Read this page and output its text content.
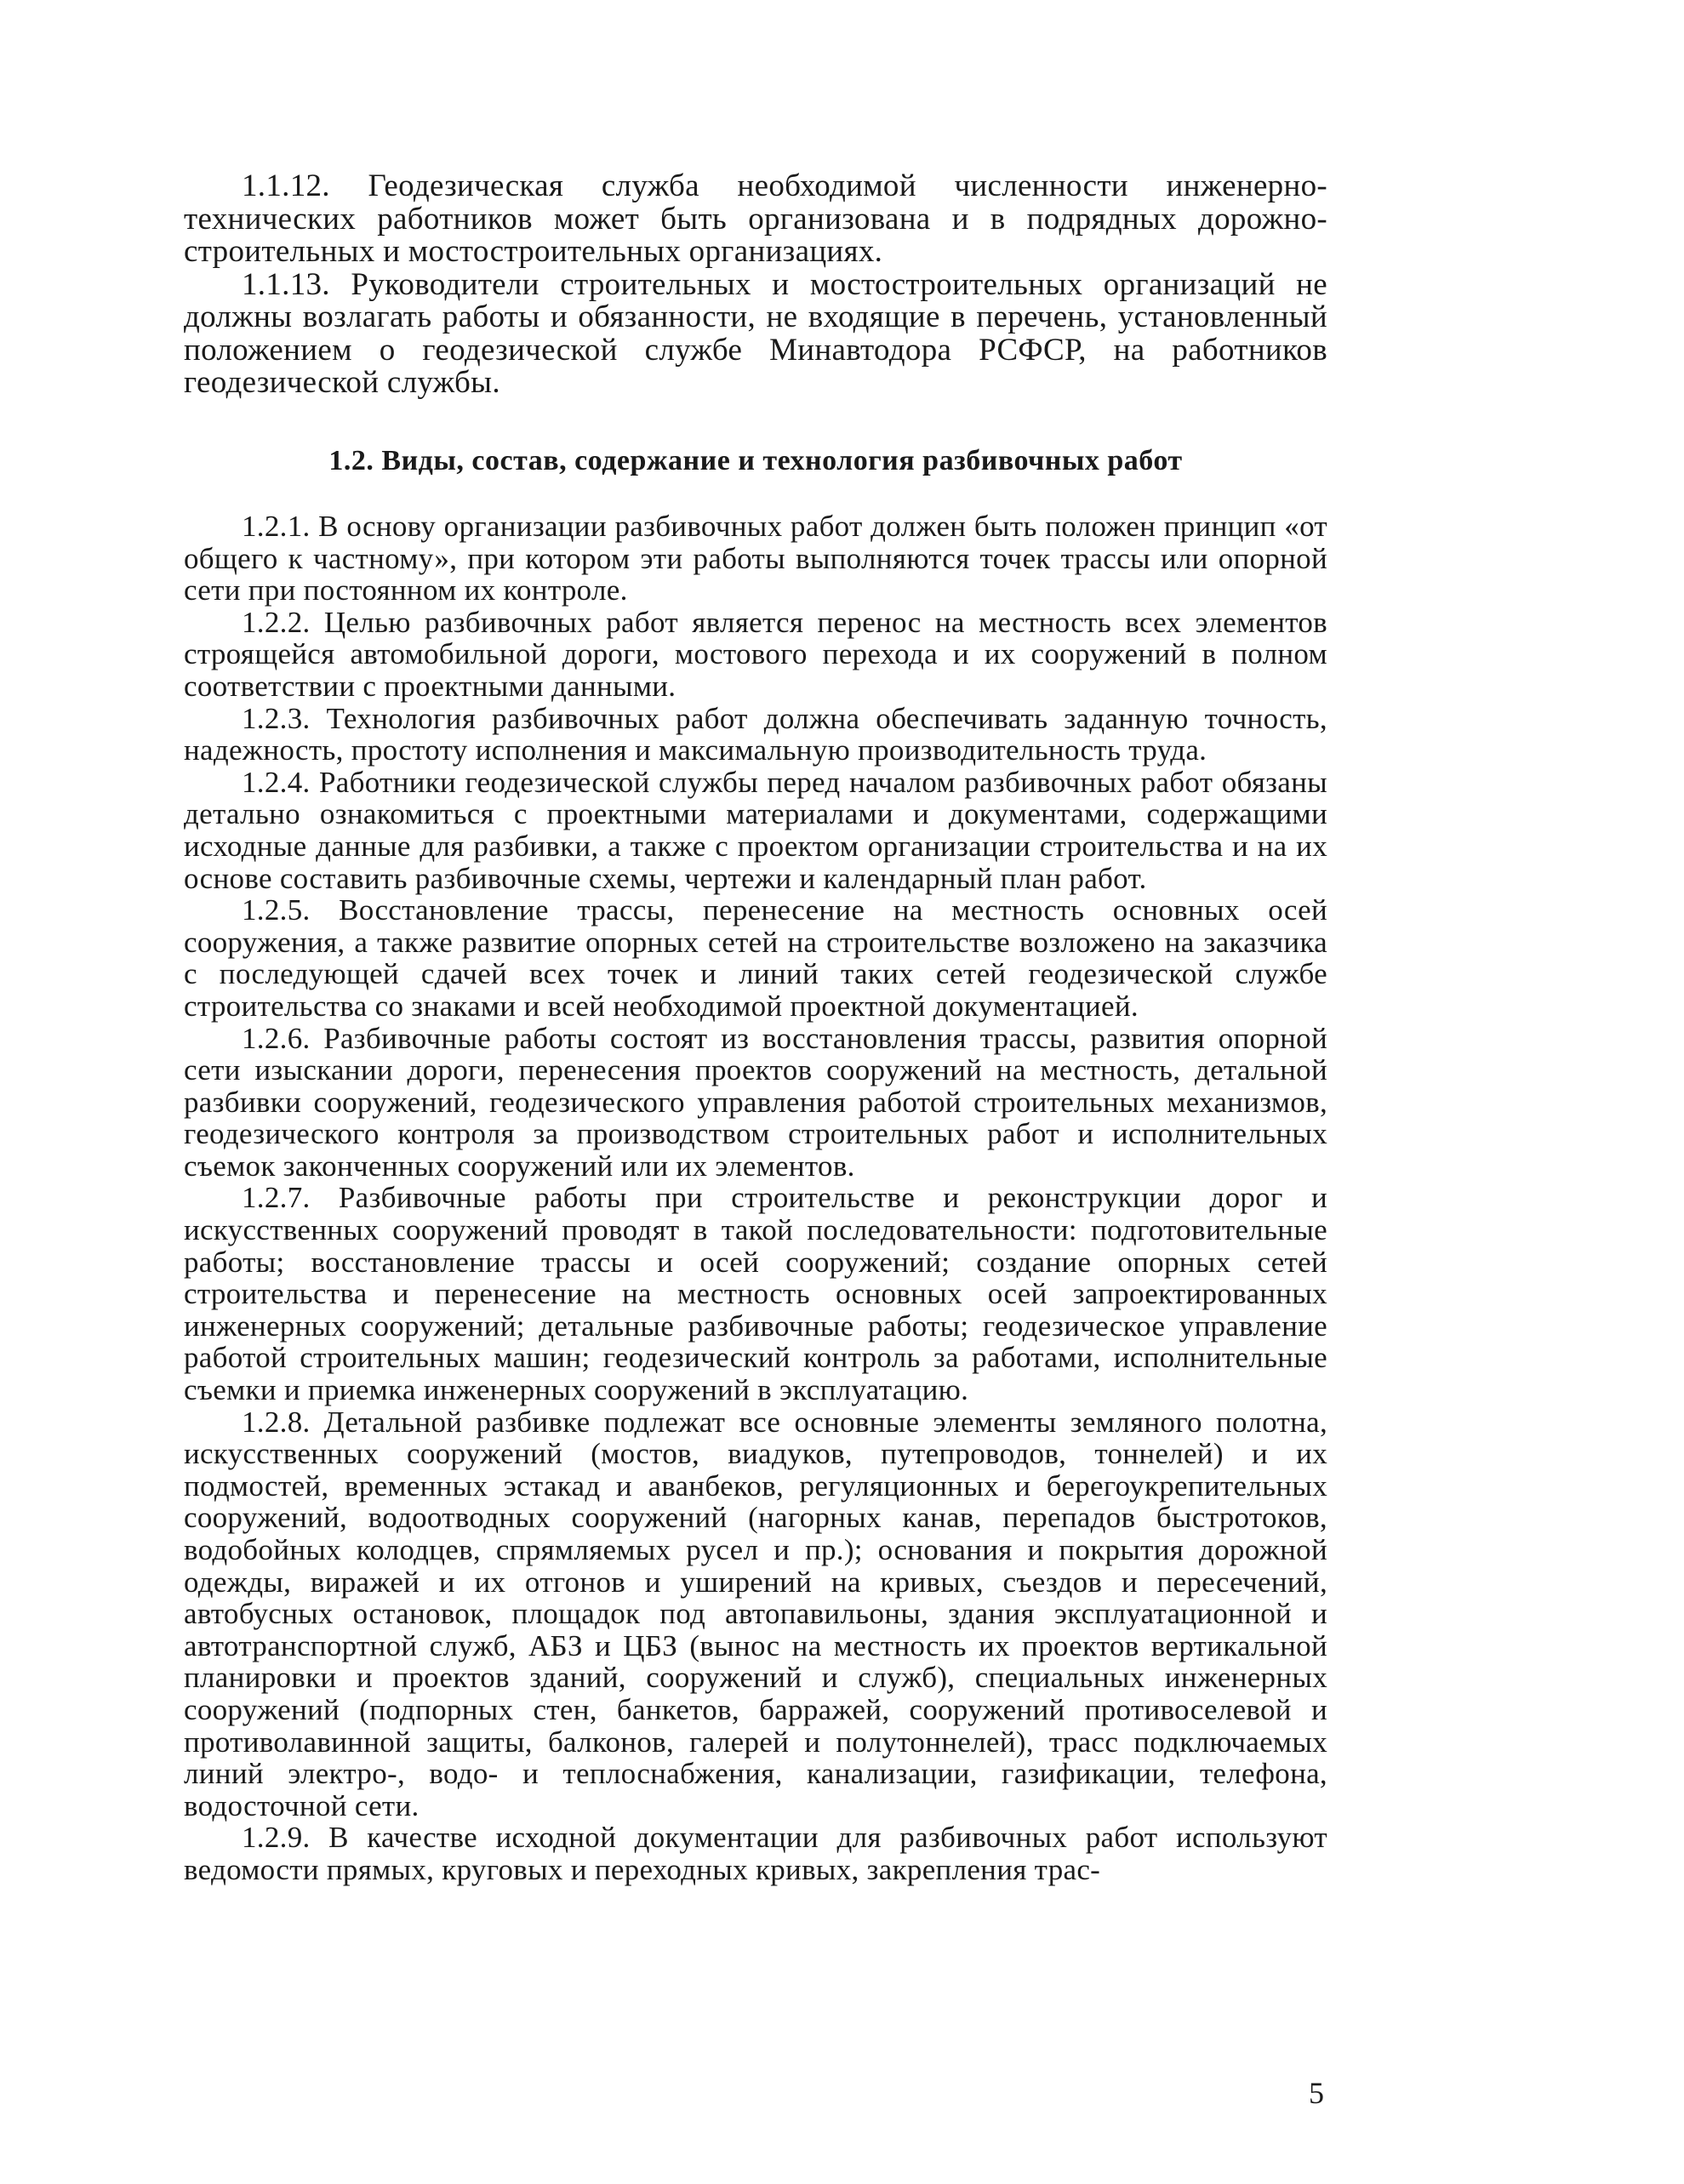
1.1.12. Геодезическая служба необходимой численности инженерно-технических работников может быть организована и в подрядных дорожно-строительных и мостостроительных организациях.

1.1.13. Руководители строительных и мостостроительных организаций не должны возлагать работы и обязанности, не входящие в перечень, установленный положением о геодезической службе Минавтодора РСФСР, на работников геодезической службы.

1.2. Виды, состав, содержание и технология разбивочных работ

1.2.1. В основу организации разбивочных работ должен быть положен принцип «от общего к частному», при котором эти работы выполняются точек трассы или опорной сети при постоянном их контроле.

1.2.2. Целью разбивочных работ является перенос на местность всех элементов строящейся автомобильной дороги, мостового перехода и их сооружений в полном соответствии с проектными данными.

1.2.3. Технология разбивочных работ должна обеспечивать заданную точность, надежность, простоту исполнения и максимальную производительность труда.

1.2.4. Работники геодезической службы перед началом разбивочных работ обязаны детально ознакомиться с проектными материалами и документами, содержащими исходные данные для разбивки, а также с проектом организации строительства и на их основе составить разбивочные схемы, чертежи и календарный план работ.

1.2.5. Восстановление трассы, перенесение на местность основных осей сооружения, а также развитие опорных сетей на строительстве возложено на заказчика с последующей сдачей всех точек и линий таких сетей геодезической службе строительства со знаками и всей необходимой проектной документацией.

1.2.6. Разбивочные работы состоят из восстановления трассы, развития опорной сети изыскании дороги, перенесения проектов сооружений на местность, детальной разбивки сооружений, геодезического управления работой строительных механизмов, геодезического контроля за производством строительных работ и исполнительных съемок законченных сооружений или их элементов.

1.2.7. Разбивочные работы при строительстве и реконструкции дорог и искусственных сооружений проводят в такой последовательности: подготовительные работы; восстановление трассы и осей сооружений; создание опорных сетей строительства и перенесение на местность основных осей запроектированных инженерных сооружений; детальные разбивочные работы; геодезическое управление работой строительных машин; геодезический контроль за работами, исполнительные съемки и приемка инженерных сооружений в эксплуатацию.

1.2.8. Детальной разбивке подлежат все основные элементы земляного полотна, искусственных сооружений (мостов, виадуков, путепроводов, тоннелей) и их подмостей, временных эстакад и аванбеков, регуляционных и берегоукрепительных сооружений, водоотводных сооружений (нагорных канав, перепадов быстротоков, водобойных колодцев, спрямляемых русел и пр.); основания и покрытия дорожной одежды, виражей и их отгонов и уширений на кривых, съездов и пересечений, автобусных остановок, площадок под автопавильоны, здания эксплуатационной и автотранспортной служб, АБЗ и ЦБЗ (вынос на местность их проектов вертикальной планировки и проектов зданий, сооружений и служб), специальных инженерных сооружений (подпорных стен, банкетов, барражей, сооружений противоселевой и противолавинной защиты, балконов, галерей и полутоннелей), трасс подключаемых линий электро-, водо- и теплоснабжения, канализации, газификации, телефона, водосточной сети.

1.2.9. В качестве исходной документации для разбивочных работ используют ведомости прямых, круговых и переходных кривых, закрепления трас-

5
